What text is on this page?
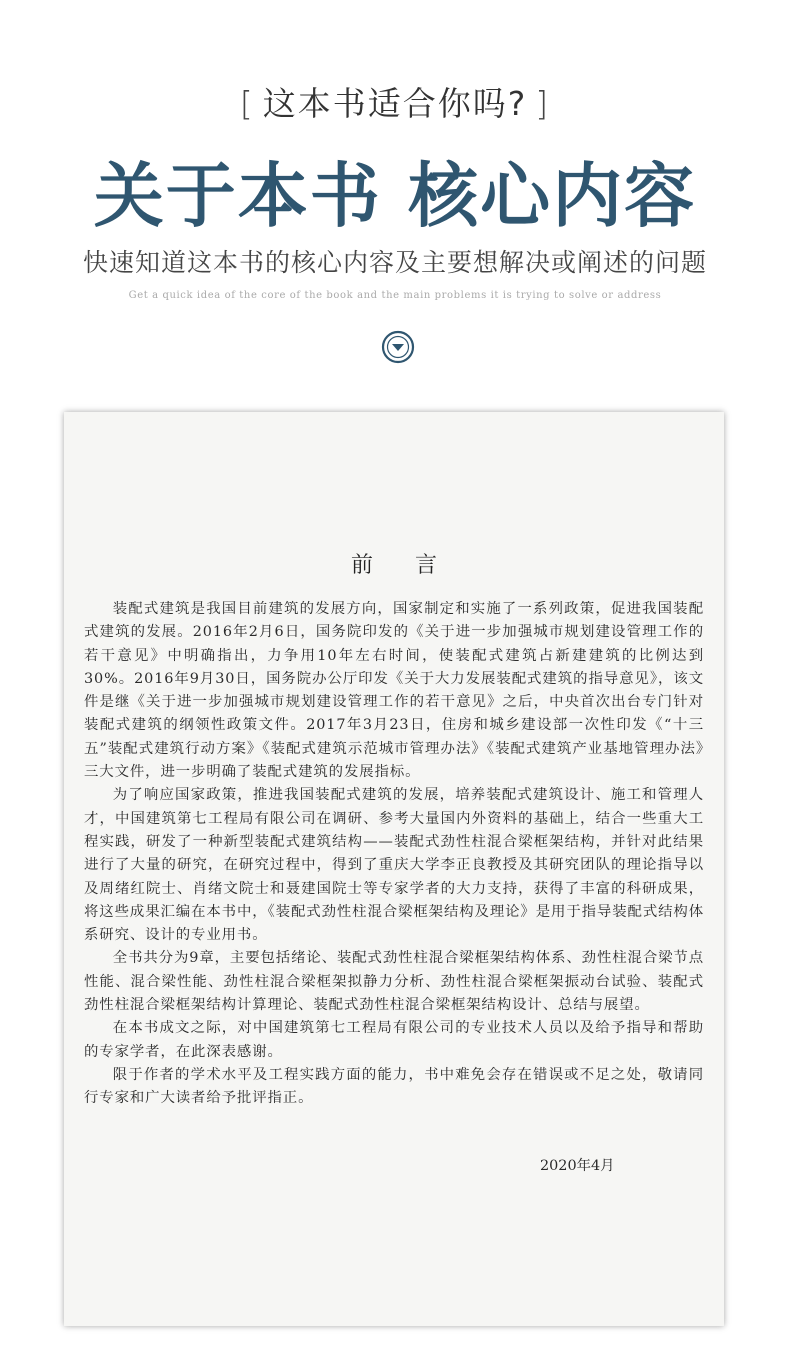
[ 这本书适合你吗? ]
关于本书 核心内容
快速知道这本书的核心内容及主要想解决或阐述的问题
Get a quick idea of the core of the book and the main problems it is trying to solve or address
前言

装配式建筑是我国目前建筑的发展方向，国家制定和实施了一系列政策，促进我国装配式建筑的发展。2016年2月6日，国务院印发的《关于进一步加强城市规划建设管理工作的若干意见》中明确指出，力争用10年左右时间，使装配式建筑占新建建筑的比例达到30%。2016年9月30日，国务院办公厅印发《关于大力发展装配式建筑的指导意见》，该文件是继《关于进一步加强城市规划建设管理工作的若干意见》之后，中央首次出台专门针对装配式建筑的纲领性政策文件。2017年3月23日，住房和城乡建设部一次性印发《“十三五”装配式建筑行动方案》《装配式建筑示范城市管理办法》《装配式建筑产业基地管理办法》三大文件，进一步明确了装配式建筑的发展指标。

为了响应国家政策，推进我国装配式建筑的发展，培养装配式建筑设计、施工和管理人才，中国建筑第七工程局有限公司在调研、参考大量国内外资料的基础上，结合一些重大工程实践，研发了一种新型装配式建筑结构——装配式劲性柱混合梁框架结构，并针对此结果进行了大量的研究，在研究过程中，得到了重庆大学李正良教授及其研究团队的理论指导以及周绪红院士、肖绪文院士和聂建国院士等专家学者的大力支持，获得了丰富的科研成果，将这些成果汇编在本书中，《装配式劲性柱混合梁框架结构及理论》是用于指导装配式结构体系研究、设计的专业用书。

全书共分为9章，主要包括绪论、装配式劲性柱混合梁框架结构体系、劲性柱混合梁节点性能、混合梁性能、劲性柱混合梁框架拟静力分析、劲性柱混合梁框架振动台试验、装配式劲性柱混合梁框架结构计算理论、装配式劲性柱混合梁框架结构设计、总结与展望。

在本书成文之际，对中国建筑第七工程局有限公司的专业技术人员以及给予指导和帮助的专家学者，在此深表感谢。

限于作者的学术水平及工程实践方面的能力，书中难免会存在错误或不足之处，敬请同行专家和广大读者给予批评指正。

2020年4月
